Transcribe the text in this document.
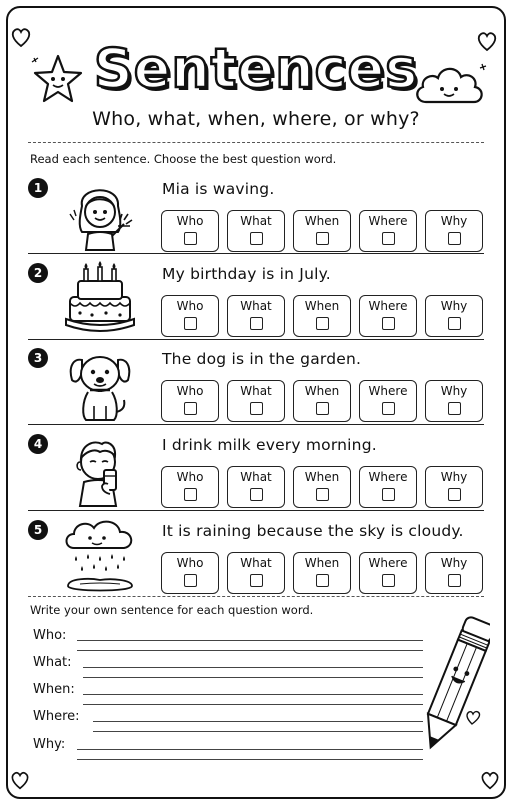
Sentences
Who, what, when, where, or why?
Read each sentence. Choose the best question word.
1	Mia is waving.
Who	What	When Where	Why
2	My birthday is in July.
Who	What	When Where	Why
3	The dog is in the garden.
Who	What	When Where	Why
4	I drink milk every morning.
Who	What	When Where	Why
5	It is raining because the sky is cloudy.
Who	What	When Where	Why
Write your own sentence for each question word.
Who:
What:
When:
Where:
Why:
